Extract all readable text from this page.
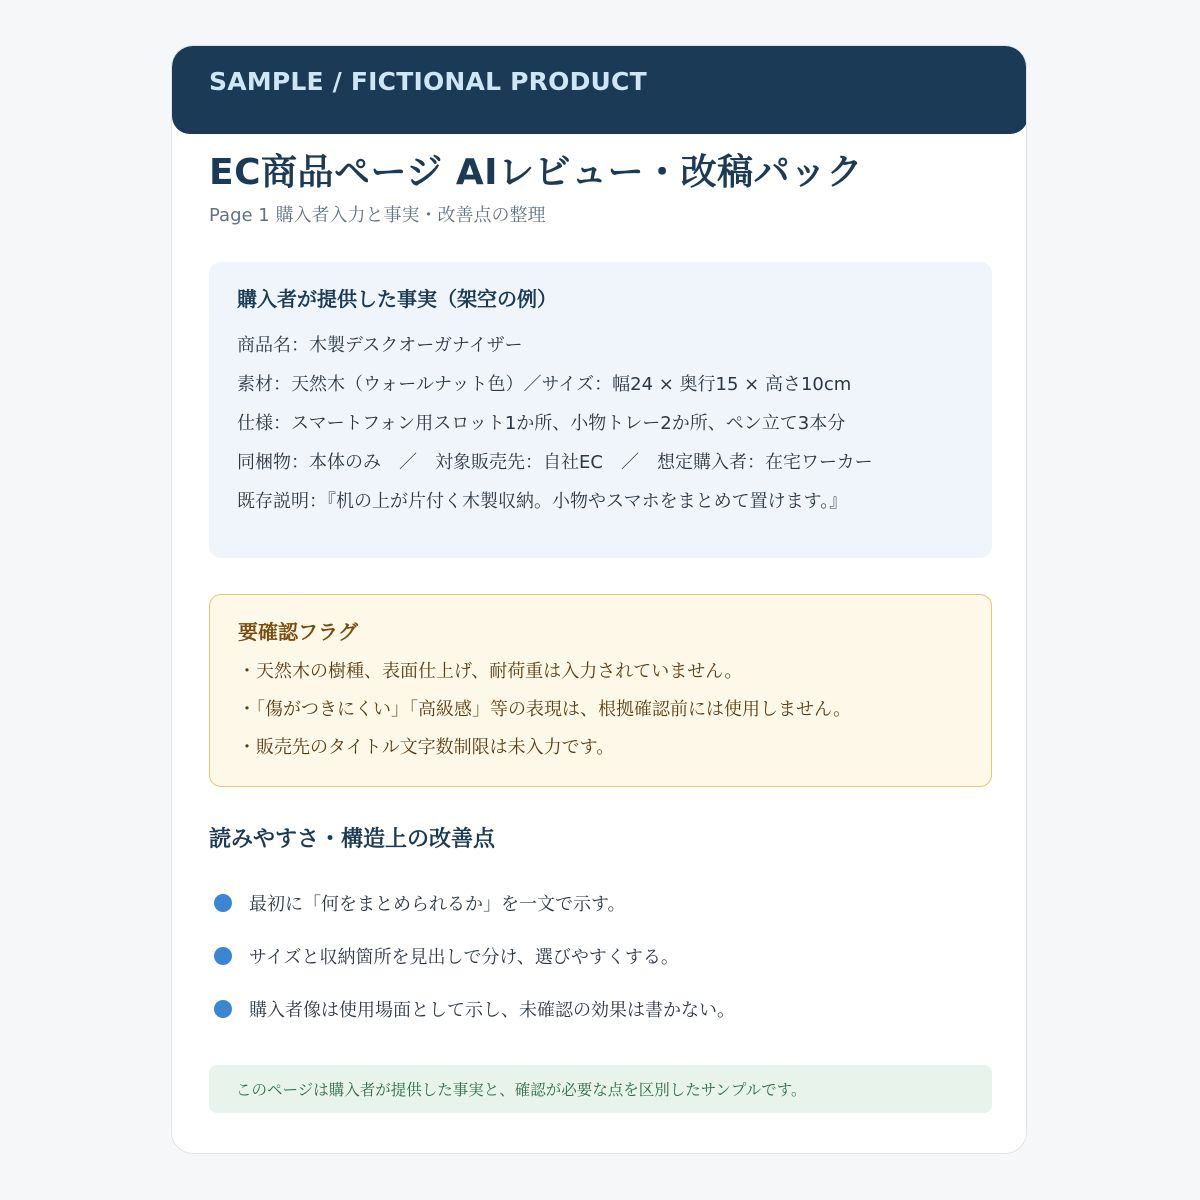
SAMPLE / FICTIONAL PRODUCT
EC商品ページ AIレビュー・改稿パック
Page 1 購入者入力と事実・改善点の整理
購入者が提供した事実（架空の例）
商品名：木製デスクオーガナイザー
素材：天然木（ウォールナット色）／サイズ：幅24 × 奥行15 × 高さ10cm
仕様：スマートフォン用スロット1か所、小物トレー2か所、ペン立て3本分
同梱物：本体のみ　／　対象販売先：自社EC　／　想定購入者：在宅ワーカー
既存説明：『机の上が片付く木製収納。小物やスマホをまとめて置けます。』
要確認フラグ
・天然木の樹種、表面仕上げ、耐荷重は入力されていません。
・「傷がつきにくい」「高級感」等の表現は、根拠確認前には使用しません。
・販売先のタイトル文字数制限は未入力です。
読みやすさ・構造上の改善点
最初に「何をまとめられるか」を一文で示す。
サイズと収納箇所を見出しで分け、選びやすくする。
購入者像は使用場面として示し、未確認の効果は書かない。
このページは購入者が提供した事実と、確認が必要な点を区別したサンプルです。
